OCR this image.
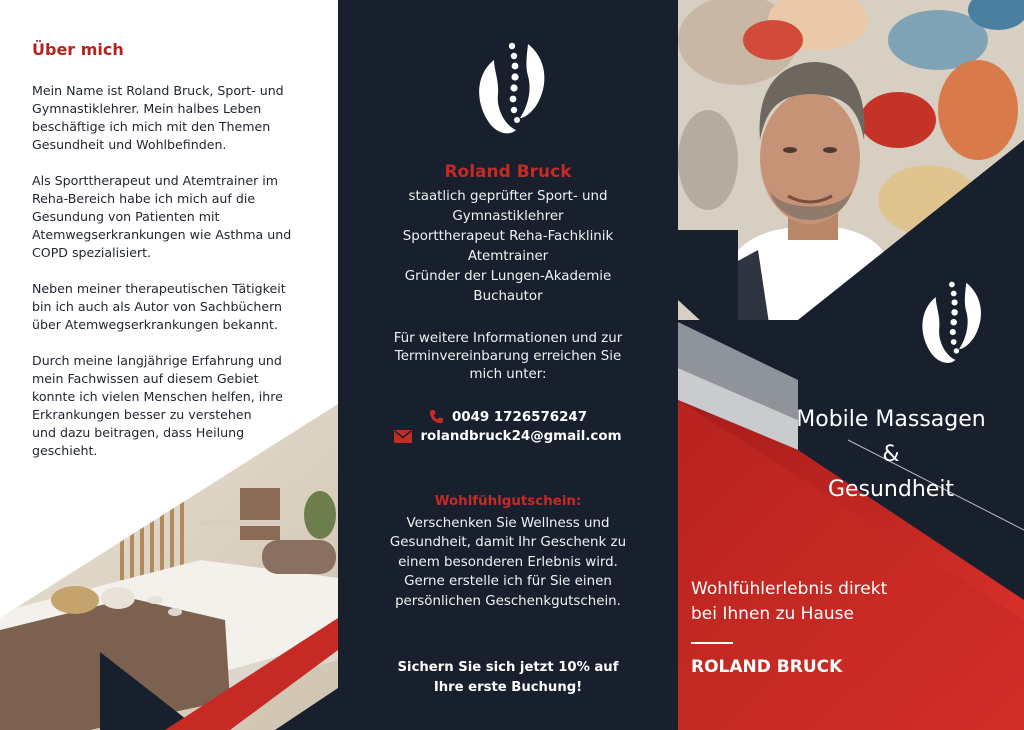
Über mich

Mein Name ist Roland Bruck, Sport- und
Gymnastiklehrer. Mein halbes Leben
beschäftige ich mich mit den Themen
Gesundheit und Wohlbefinden.

Als Sporttherapeut und Atemtrainer im
Reha-Bereich habe ich mich auf die
Gesundung von Patienten mit
Atemwegserkrankungen wie Asthma und
COPD spezialisiert.

Neben meiner therapeutischen Tätigkeit
bin ich auch als Autor von Sachbüchern
über Atemwegserkrankungen bekannt.

Durch meine langjährige Erfahrung und
mein Fachwissen auf diesem Gebiet
konnte ich vielen Menschen helfen, ihre
Erkrankungen besser zu verstehen
und dazu beitragen, dass Heilung
geschieht.

Roland Bruck
staatlich geprüfter Sport- und
Gymnastiklehrer
Sporttherapeut Reha-Fachklinik
Atemtrainer
Gründer der Lungen-Akademie
Buchautor
Für weitere Informationen und zur
Terminvereinbarung erreichen Sie
mich unter:
0049 1726576247
rolandbruck24@gmail.com
Wohlfühlgutschein:
Verschenken Sie Wellness und
Gesundheit, damit Ihr Geschenk zu
einem besonderen Erlebnis wird.
Gerne erstelle ich für Sie einen
persönlichen Geschenkgutschein.
Sichern Sie sich jetzt 10% auf
Ihre erste Buchung!
Mobile Massagen
&
Gesundheit
Wohlfühlerlebnis direkt
bei Ihnen zu Hause
ROLAND BRUCK
